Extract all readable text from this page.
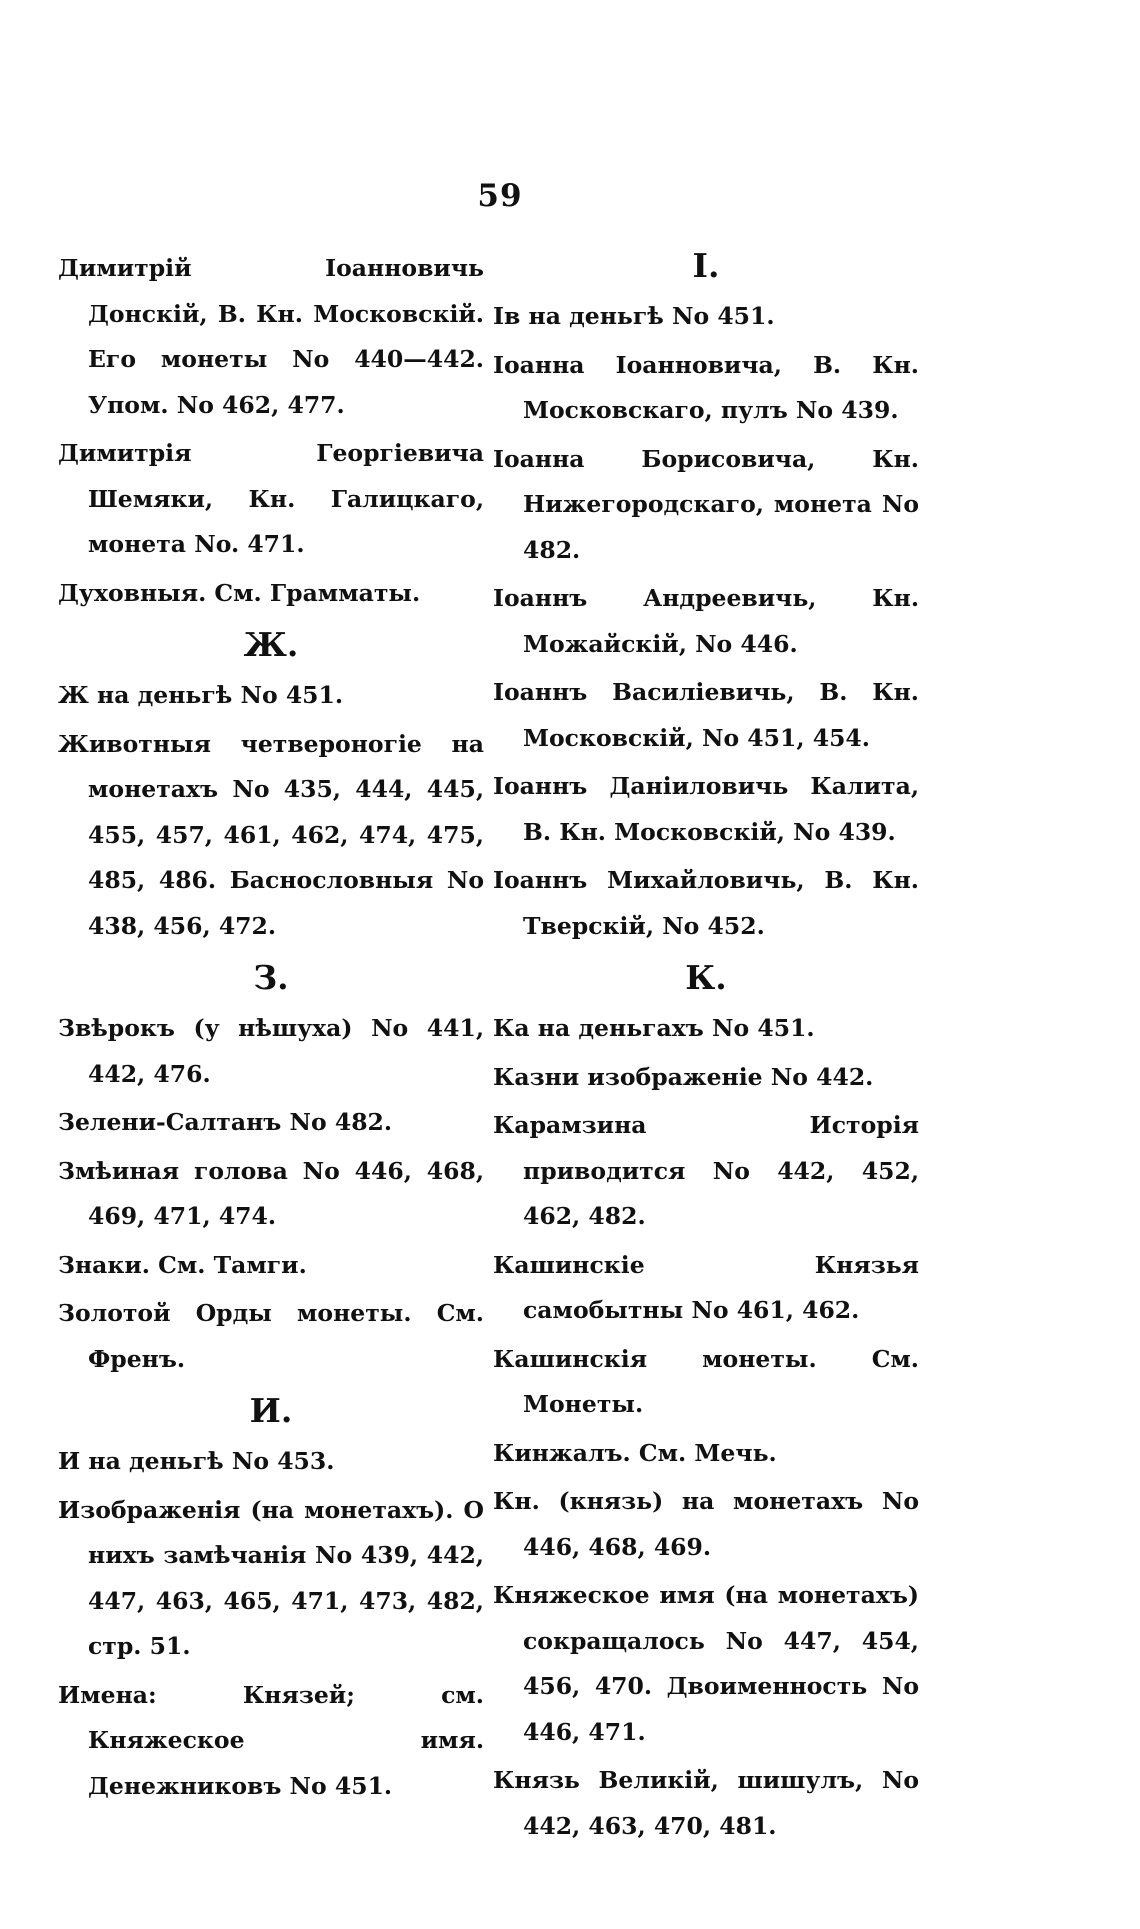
59

Димитрій Іоанновичь Донскій, В. Кн. Московскій. Его монеты No 440—442. Упом. No 462, 477.

Димитрія Георгіевича Шемяки, Кн. Галицкаго, монета No. 471.

Духовныя. См. Грамматы.

Ж.

Ж на деньгѣ No 451.

Животныя четвероногіе на монетахъ No 435, 444, 445, 455, 457, 461, 462, 474, 475, 485, 486. Баснословныя No 438, 456, 472.

З.

Звѣрокъ (у нѣшуха) No 441, 442, 476.

Зелени-Салтанъ No 482.

Змѣиная голова No 446, 468, 469, 471, 474.

Знаки. См. Тамги.

Золотой Орды монеты. См. Френъ.

И.

И на деньгѣ No 453.

Изображенія (на монетахъ). О нихъ замѣчанія No 439, 442, 447, 463, 465, 471, 473, 482, стр. 51.

Имена: Князей; см. Княжеское имя. Денежниковъ No 451.

I.

Ів на деньгѣ No 451.

Іоанна Іоанновича, В. Кн. Московскаго, пулъ No 439.

Іоанна Борисовича, Кн. Нижегородскаго, монета No 482.

Іоаннъ Андреевичь, Кн. Можайскій, No 446.

Іоаннъ Василіевичь, В. Кн. Московскій, No 451, 454.

Іоаннъ Даніиловичь Калита, В. Кн. Московскій, No 439.

Іоаннъ Михайловичь, В. Кн. Тверскій, No 452.

К.

Ка на деньгахъ No 451.

Казни изображеніе No 442.

Карамзина Исторія приводится No 442, 452, 462, 482.

Кашинскіе Князья самобытны No 461, 462.

Кашинскія монеты. См. Монеты.

Кинжалъ. См. Мечь.

Кн. (князь) на монетахъ No 446, 468, 469.

Княжеское имя (на монетахъ) сокращалось No 447, 454, 456, 470. Двоименность No 446, 471.

Князь Великій, шишулъ, No 442, 463, 470, 481.
